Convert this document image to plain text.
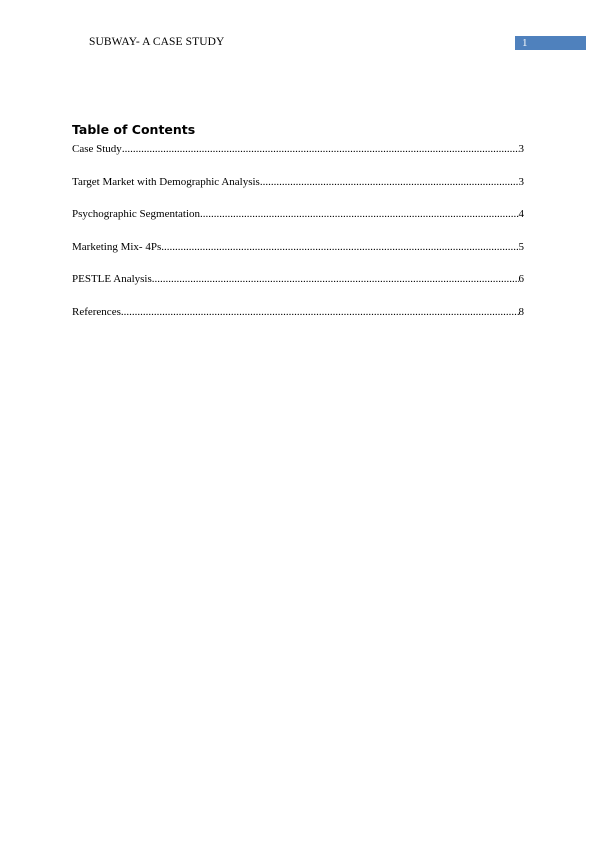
SUBWAY- A CASE STUDY	1
Table of Contents
Case Study .....	3
Target Market with Demographic Analysis .....	3
Psychographic Segmentation .....	4
Marketing Mix- 4Ps .....	5
PESTLE Analysis .....	6
References .....	8
